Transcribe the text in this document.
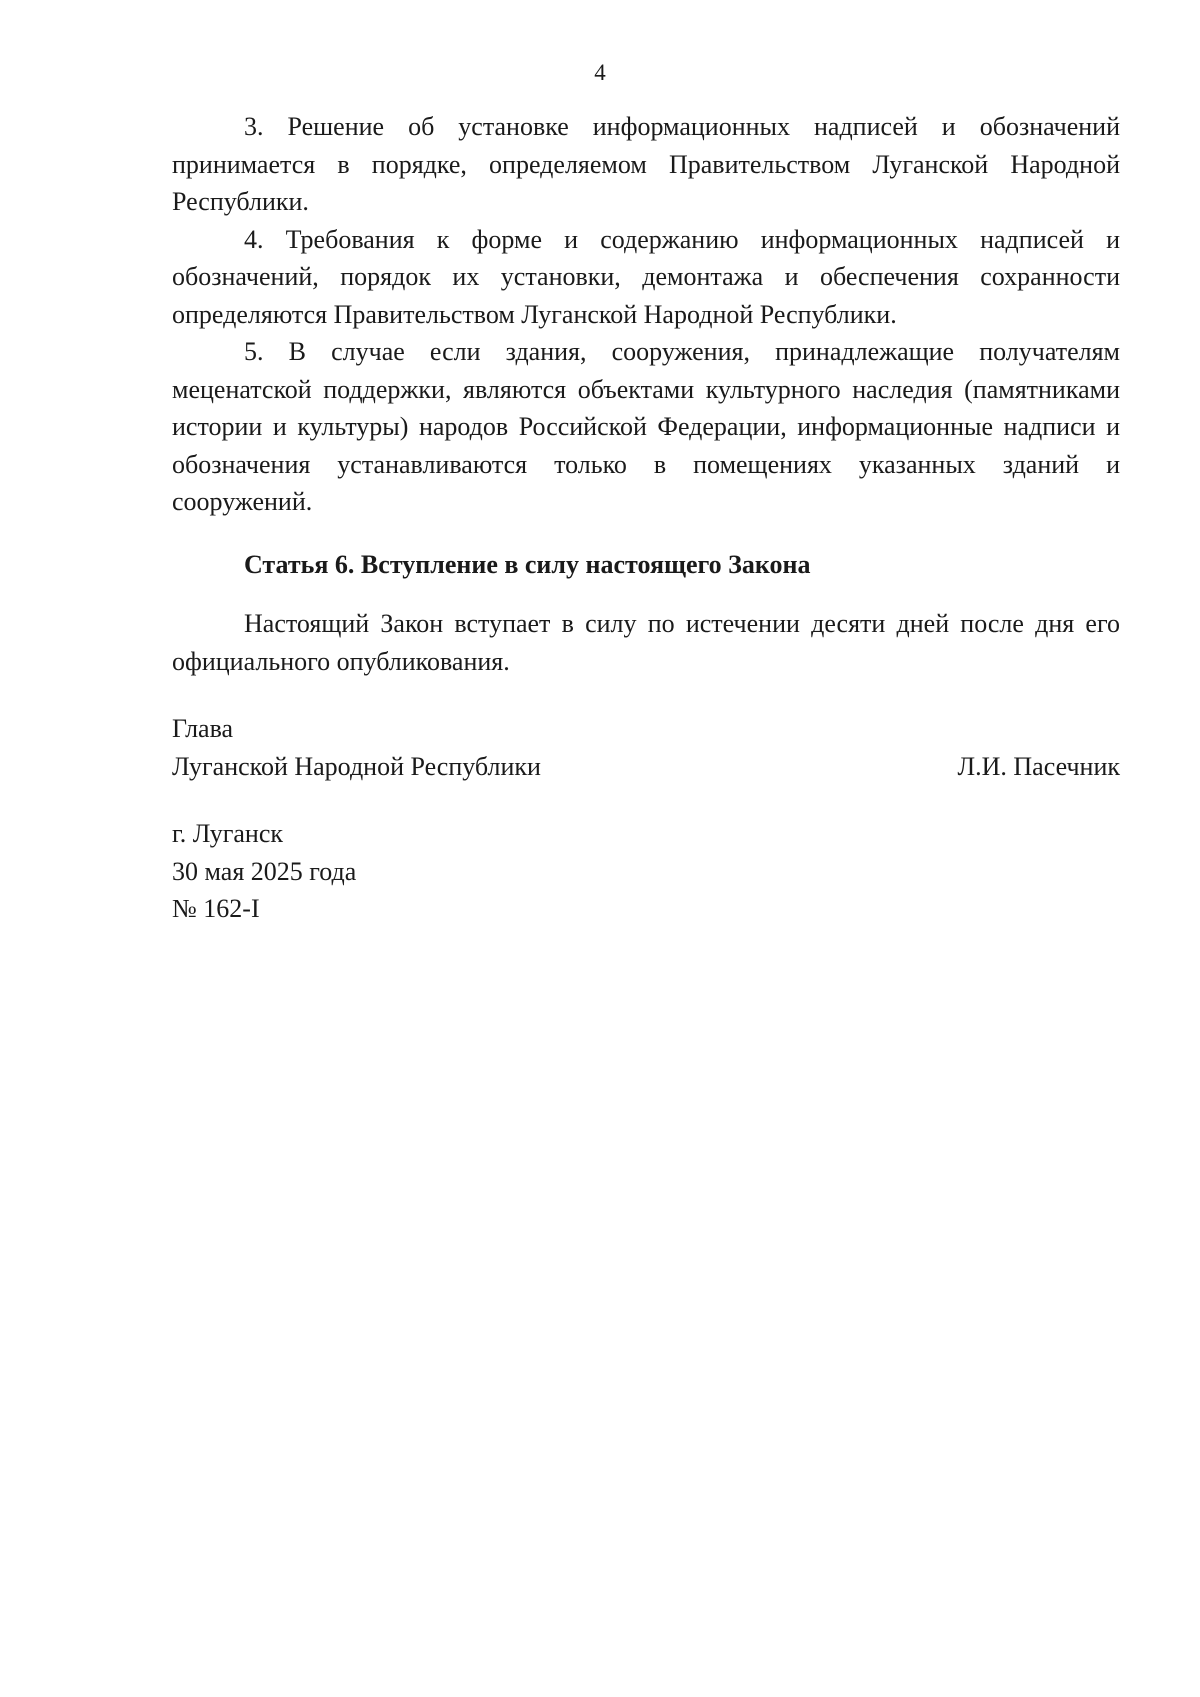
4

3. Решение об установке информационных надписей и обозначений принимается в порядке, определяемом Правительством Луганской Народной Республики.

4. Требования к форме и содержанию информационных надписей и обозначений, порядок их установки, демонтажа и обеспечения сохранности определяются Правительством Луганской Народной Республики.

5. В случае если здания, сооружения, принадлежащие получателям меценатской поддержки, являются объектами культурного наследия (памятниками истории и культуры) народов Российской Федерации, информационные надписи и обозначения устанавливаются только в помещениях указанных зданий и сооружений.

Статья 6. Вступление в силу настоящего Закона

Настоящий Закон вступает в силу по истечении десяти дней после дня его официального опубликования.

Глава
Луганской Народной Республики	Л.И. Пасечник
г. Луганск
30 мая 2025 года
№ 162-I
